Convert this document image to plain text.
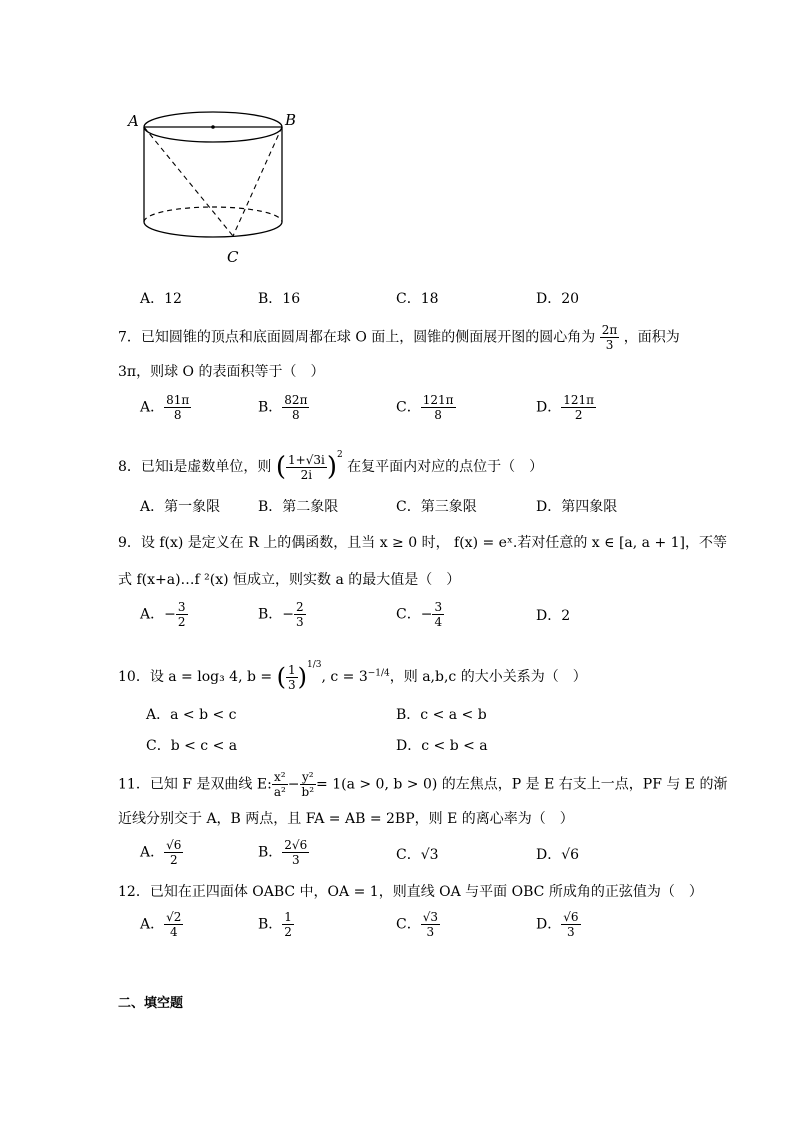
A	B
C
A．12	B．16	C．18	D．20
7．已知圆锥的顶点和底面圆周都在球 O 面上，圆锥的侧面展开图的圆心角为 $\frac{2\pi}{3}$ ，面积为
3π，则球 O 的表面积等于（　）
A． $\frac{81\pi}{8}$	B． $\frac{82\pi}{8}$	C． $\frac{121\pi}{8}$	D． $\frac{121\pi}{2}$
8．已知i是虚数单位，则 ( $\frac{1+√3i}{2i} )^2$ 在复平面内对应的点位于（　）
A．第一象限	B．第二象限	C．第三象限	D．第四象限
9．设 f(x) 是定义在 R 上的偶函数，且当 x ≥ 0 时， f(x) = eˣ.若对任意的 x ∈ [a, a + 1]，不等
式 f(x+a)…f ²(x) 恒成立，则实数 a 的最大值是（　）
A．− $\frac{3}{2}$	B．− $\frac{2}{3}$	C．− $\frac{3}{4}$	D．2
10．设 a = log₃ 4, b = ( $\frac{1}{3} )^{1/3}$, $c = 3^{-1/4}$，则 a,b,c 的大小关系为（　）
A．a < b < c	B．c < a < b
C．b < c < a	D．c < b < a
11．已知 F 是双曲线 E: $\frac{\text{x²}}{\text{a²}} - \frac{\text{y²}}{\text{b²}} = 1(a > 0$, b > 0) 的左焦点，P 是 E 右支上一点，PF 与 E 的渐
近线分别交于 A，B 两点，且 FA = AB = 2BP，则 E 的离心率为（　）
A． $\frac{√6}{2}$	B． $\frac{2√6}{3}$	C．√3	D．√6
12．已知在正四面体 OABC 中，OA = 1，则直线 OA 与平面 OBC 所成角的正弦值为（　）
A． $\frac{√2}{4}$	B． $\frac{1}{2}$	C． $\frac{√3}{3}$	D． $\frac{√6}{3}$
二、填空题
